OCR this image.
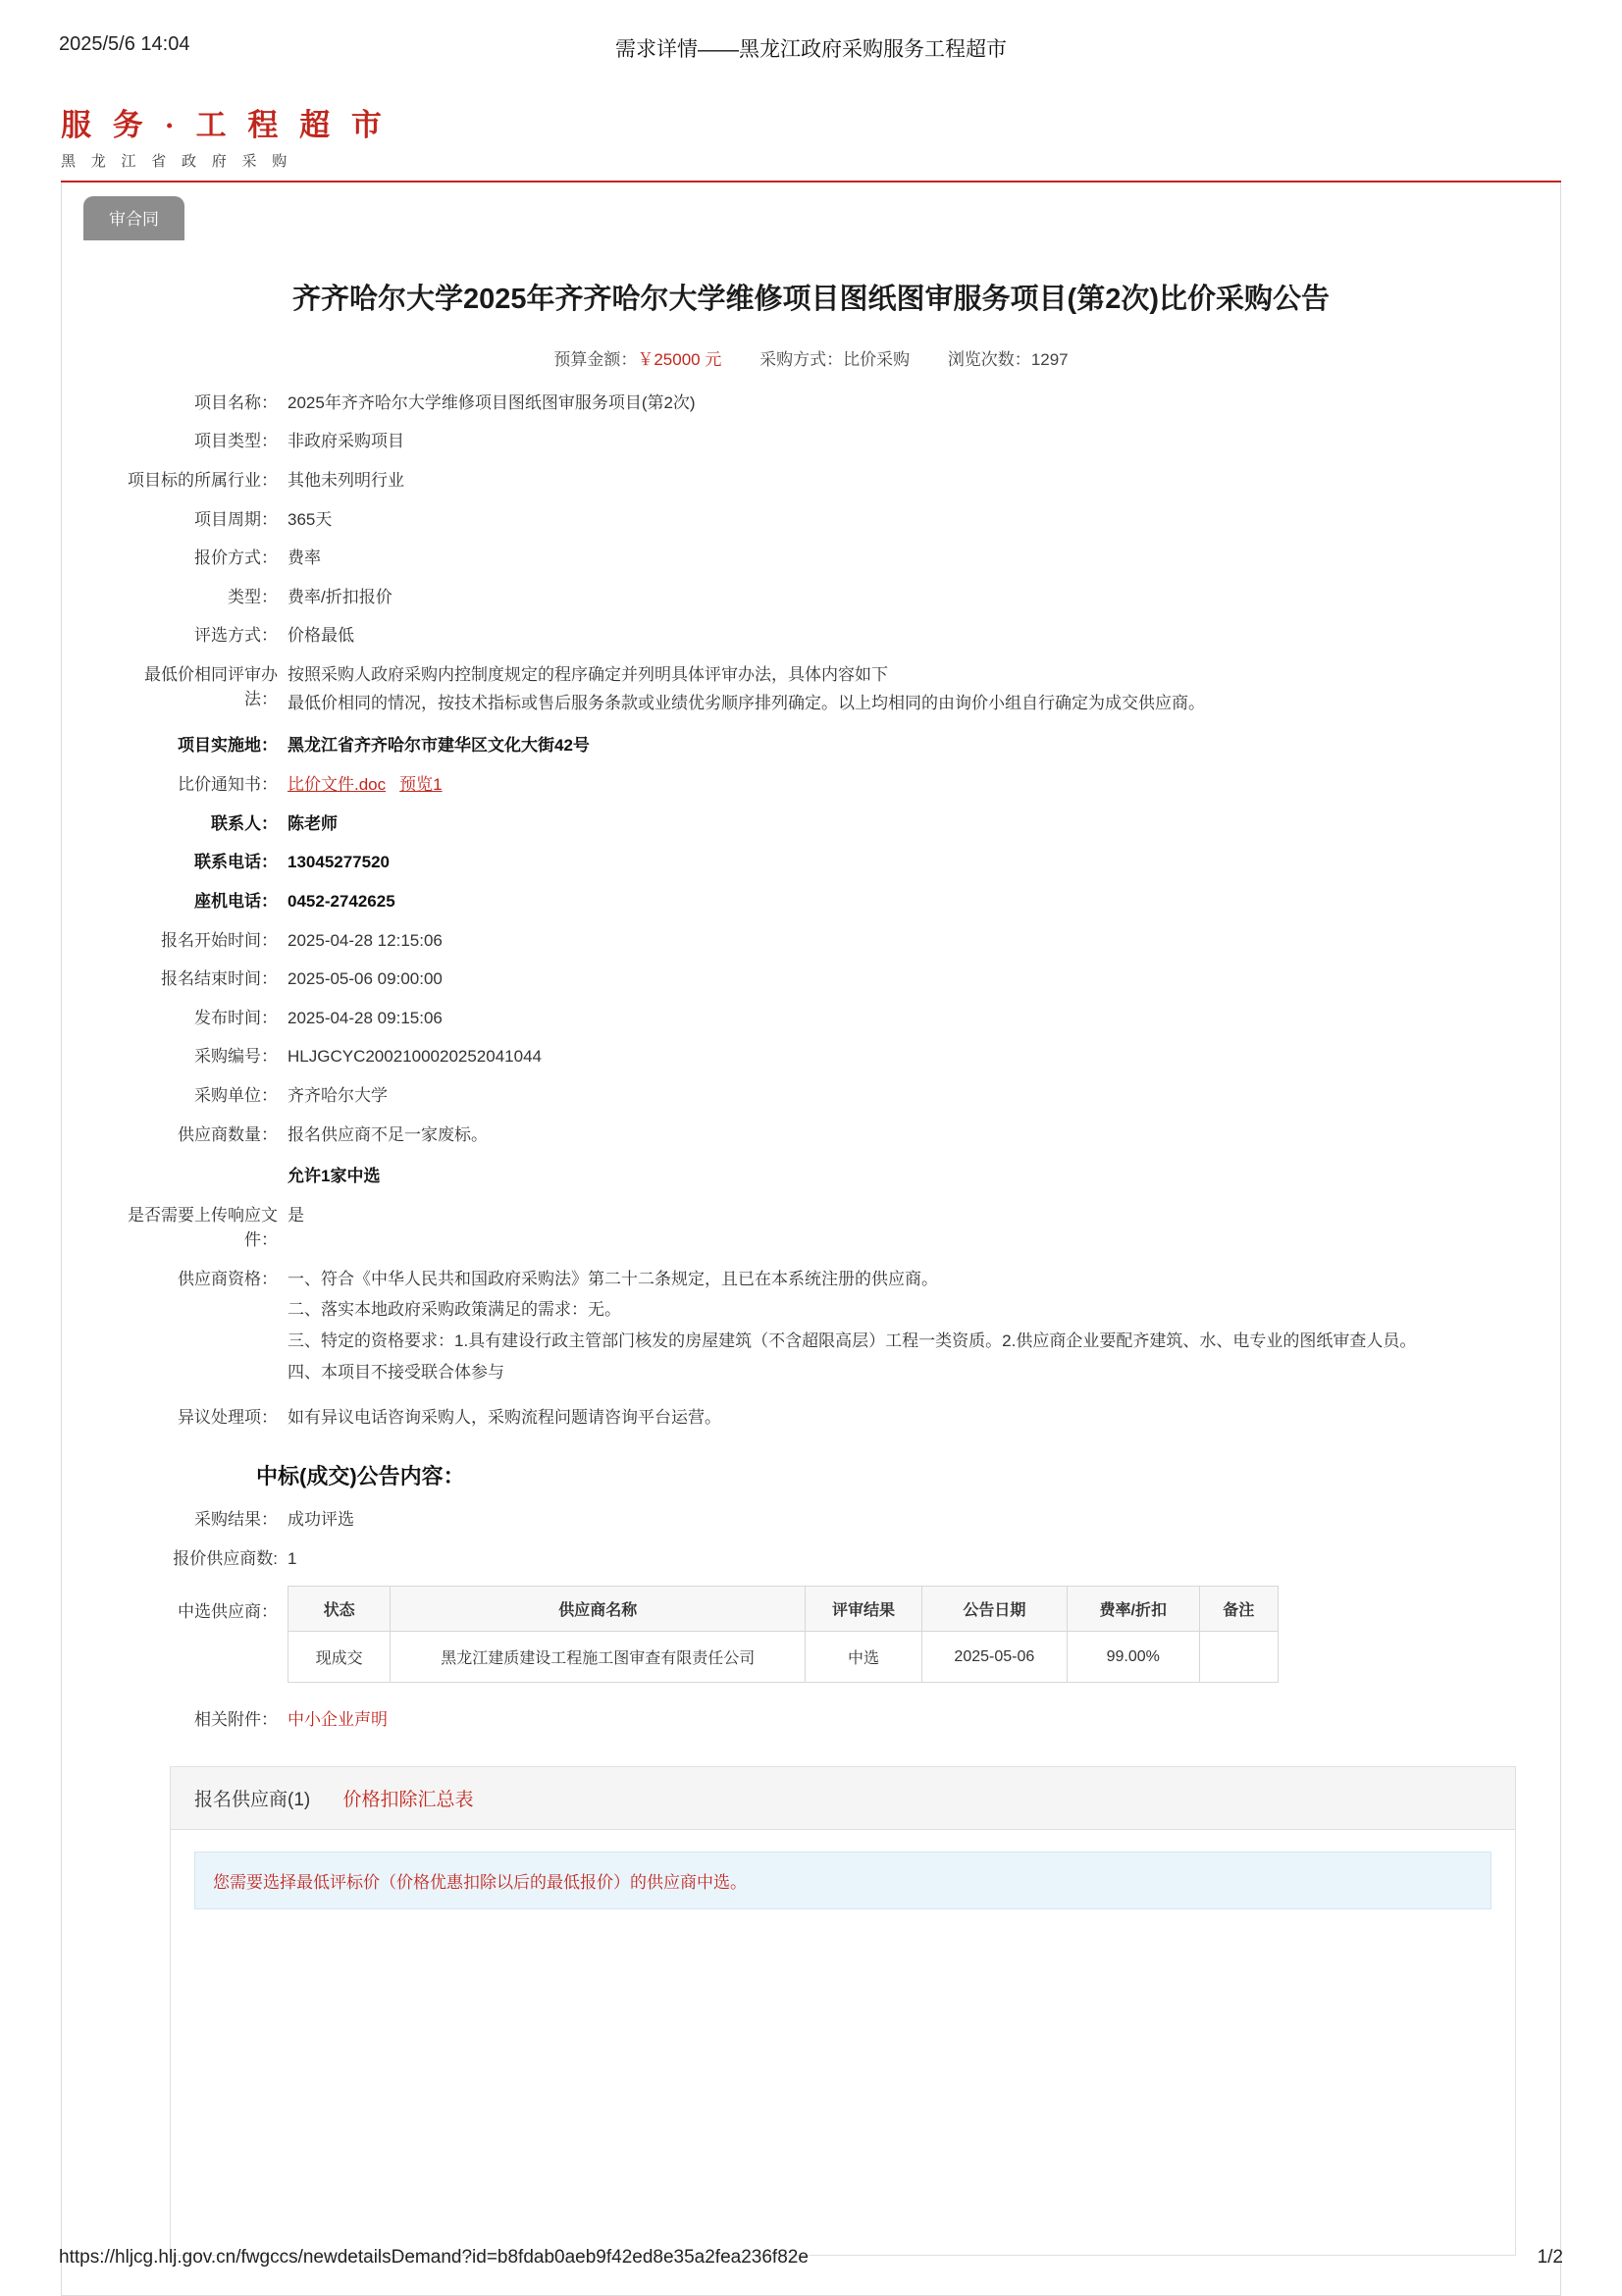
2025/5/6 14:04	需求详情——黑龙江政府采购服务工程超市
服 务 · 工 程 超 市
黑 龙 江 省 政 府 采 购
审合同
齐齐哈尔大学2025年齐齐哈尔大学维修项目图纸图审服务项目(第2次)比价采购公告
预算金额：￥25000 元 采购方式：比价采购 浏览次数：1297
项目名称： 2025年齐齐哈尔大学维修项目图纸图审服务项目(第2次)
项目类型： 非政府采购项目
项目标的所属行业： 其他未列明行业
项目周期： 365天
报价方式： 费率
类型： 费率/折扣报价
评选方式： 价格最低
最低价相同评审办法：
按照采购人政府采购内控制度规定的程序确定并列明具体评审办法，具体内容如下
最低价相同的情况，按技术指标或售后服务条款或业绩优劣顺序排列确定。以上均相同的由询价小组自行确定为成交供应商。
项目实施地： 黑龙江省齐齐哈尔市建华区文化大街42号
比价通知书： 比价文件.doc 预览1
联系人： 陈老师
联系电话： 13045277520
座机电话： 0452-2742625
报名开始时间： 2025-04-28 12:15:06
报名结束时间： 2025-05-06 09:00:00
发布时间： 2025-04-28 09:15:06
采购编号： HLJGCYC2002100020252041044
采购单位： 齐齐哈尔大学
供应商数量： 报名供应商不足一家废标。
允许1家中选
是否需要上传响应文件：
是
供应商资格： 一、符合《中华人民共和国政府采购法》第二十二条规定，且已在本系统注册的供应商。
二、落实本地政府采购政策满足的需求：无。
三、特定的资格要求：1.具有建设行政主管部门核发的房屋建筑（不含超限高层）工程一类资质。2.供应商企业要配齐建筑、水、电专业的图纸审查人员。
四、本项目不接受联合体参与
异议处理项： 如有异议电话咨询采购人，采购流程问题请咨询平台运营。
中标(成交)公告内容：
采购结果： 成功评选
报价供应商数: 1
中选供应商：	状态	供应商名称	评审结果	公告日期	费率/折扣	备注
现成交	黑龙江建质建设工程施工图审查有限责任公司	中选	2025-05-06	99.00%	
相关附件： 中小企业声明
报名供应商(1) 价格扣除汇总表
您需要选择最低评标价（价格优惠扣除以后的最低报价）的供应商中选。
https://hljcg.hlj.gov.cn/fwgccs/newdetailsDemand?id=b8fdab0aeb9f42ed8e35a2fea236f82e	1/2
